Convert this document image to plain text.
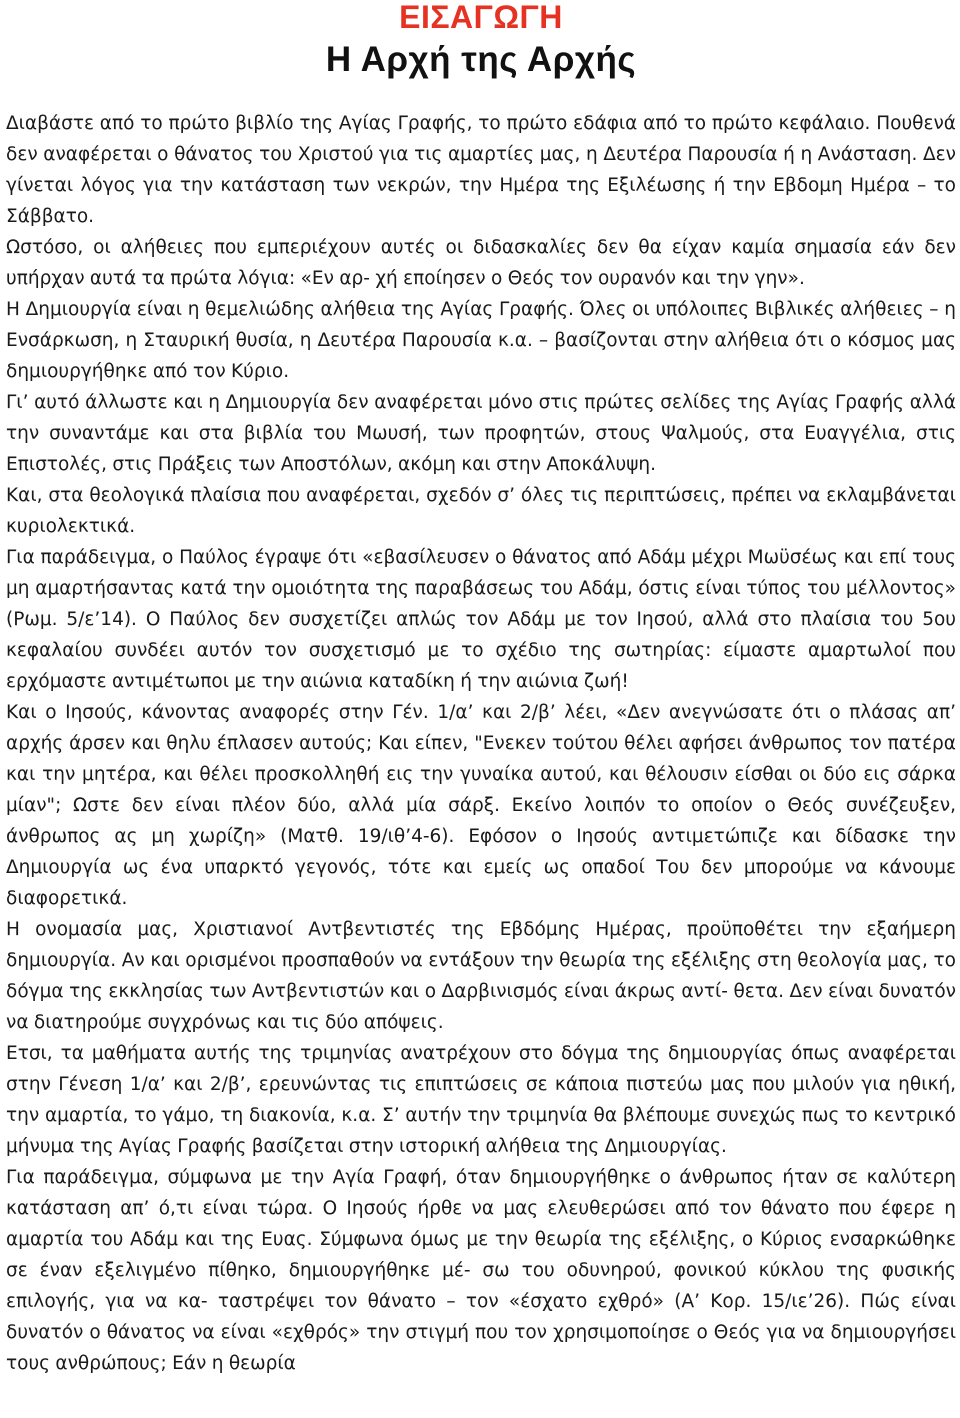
ΕΙΣΑΓΩΓΗ
Η Αρχή της Αρχής

Διαβάστε από το πρώτο βιβλίο της Αγίας Γραφής, το πρώτο εδάφια από το πρώτο κεφάλαιο. Πουθενά δεν αναφέρεται ο θάνατος του Χριστού για τις αμαρτίες μας, η Δευτέρα Παρουσία ή η Ανάσταση. Δεν γίνεται λόγος για την κατάσταση των νεκρών, την Ημέρα της Εξιλέωσης ή την Εβδομη Ημέρα – το Σάββατο.

Ωστόσο, οι αλήθειες που εμπεριέχουν αυτές οι διδασκαλίες δεν θα είχαν καμία σημασία εάν δεν υπήρχαν αυτά τα πρώτα λόγια: «Εν αρ- χή εποίησεν ο Θεός τον ουρανόν και την γην».

Η Δημιουργία είναι η θεμελιώδης αλήθεια της Αγίας Γραφής. Όλες οι υπόλοιπες Βιβλικές αλήθειες – η Ενσάρκωση, η Σταυρική θυσία, η Δευτέρα Παρουσία κ.α. – βασίζονται στην αλήθεια ότι ο κόσμος μας δημιουργήθηκε από τον Κύριο.

Γι’ αυτό άλλωστε και η Δημιουργία δεν αναφέρεται μόνο στις πρώτες σελίδες της Αγίας Γραφής αλλά την συναντάμε και στα βιβλία του Μωυσή, των προφητών, στους Ψαλμούς, στα Ευαγγέλια, στις Επιστολές, στις Πράξεις των Αποστόλων, ακόμη και στην Αποκάλυψη.

Και, στα θεολογικά πλαίσια που αναφέρεται, σχεδόν σ’ όλες τις περιπτώσεις, πρέπει να εκλαμβάνεται κυριολεκτικά.

Για παράδειγμα, ο Παύλος έγραψε ότι «εβασίλευσεν ο θάνατος από Αδάμ μέχρι Μωϋσέως και επί τους μη αμαρτήσαντας κατά την ομοιότητα της παραβάσεως του Αδάμ, όστις είναι τύπος του μέλλοντος» (Ρωμ. 5/ε’14). Ο Παύλος δεν συσχετίζει απλώς τον Αδάμ με τον Ιησού, αλλά στο πλαίσια του 5ου κεφαλαίου συνδέει αυτόν τον συσχετισμό με το σχέδιο της σωτηρίας: είμαστε αμαρτωλοί που ερχόμαστε αντιμέτωποι με την αιώνια καταδίκη ή την αιώνια ζωή!

Και ο Ιησούς, κάνοντας αναφορές στην Γέν. 1/α’ και 2/β’ λέει, «Δεν ανεγνώσατε ότι ο πλάσας απ’ αρχής άρσεν και θηλυ έπλασεν αυτούς; Και είπεν, "Ενεκεν τούτου θέλει αφήσει άνθρωπος τον πατέρα και την μητέρα, και θέλει προσκολληθή εις την γυναίκα αυτού, και θέλουσιν είσθαι οι δύο εις σάρκα μίαν"; Ωστε δεν είναι πλέον δύο, αλλά μία σάρξ. Εκείνο λοιπόν το οποίον ο Θεός συνέζευξεν, άνθρωπος ας μη χωρίζη» (Ματθ. 19/ιθ’4-6). Εφόσον ο Ιησούς αντιμετώπιζε και δίδασκε την Δημιουργία ως ένα υπαρκτό γεγονός, τότε και εμείς ως οπαδοί Του δεν μπορούμε να κάνουμε διαφορετικά.

Η ονομασία μας, Χριστιανοί Αντβεντιστές της Εβδόμης Ημέρας, προϋποθέτει την εξαήμερη δημιουργία. Αν και ορισμένοι προσπαθούν να εντάξουν την θεωρία της εξέλιξης στη θεολογία μας, το δόγμα της εκκλησίας των Αντβεντιστών και ο Δαρβινισμός είναι άκρως αντί- θετα. Δεν είναι δυνατόν να διατηρούμε συγχρόνως και τις δύο απόψεις.

Ετσι, τα μαθήματα αυτής της τριμηνίας ανατρέχουν στο δόγμα της δημιουργίας όπως αναφέρεται στην Γένεση 1/α’ και 2/β’, ερευνώντας τις επιπτώσεις σε κάποια πιστεύω μας που μιλούν για ηθική, την αμαρτία, το γάμο, τη διακονία, κ.α. Σ’ αυτήν την τριμηνία θα βλέπουμε συνεχώς πως το κεντρικό μήνυμα της Αγίας Γραφής βασίζεται στην ιστορική αλήθεια της Δημιουργίας.

Για παράδειγμα, σύμφωνα με την Αγία Γραφή, όταν δημιουργήθηκε ο άνθρωπος ήταν σε καλύτερη κατάσταση απ’ ό,τι είναι τώρα. Ο Ιησούς ήρθε να μας ελευθερώσει από τον θάνατο που έφερε η αμαρτία του Αδάμ και της Ευας. Σύμφωνα όμως με την θεωρία της εξέλιξης, ο Κύριος ενσαρκώθηκε σε έναν εξελιγμένο πίθηκο, δημιουργήθηκε μέ- σω του οδυνηρού, φονικού κύκλου της φυσικής επιλογής, για να κα- ταστρέψει τον θάνατο – τον «έσχατο εχθρό» (Α’ Κορ. 15/ιε’26). Πώς είναι δυνατόν ο θάνατος να είναι «εχθρός» την στιγμή που τον χρησιμοποίησε ο Θεός για να δημιουργήσει τους ανθρώπους; Εάν η θεωρία
